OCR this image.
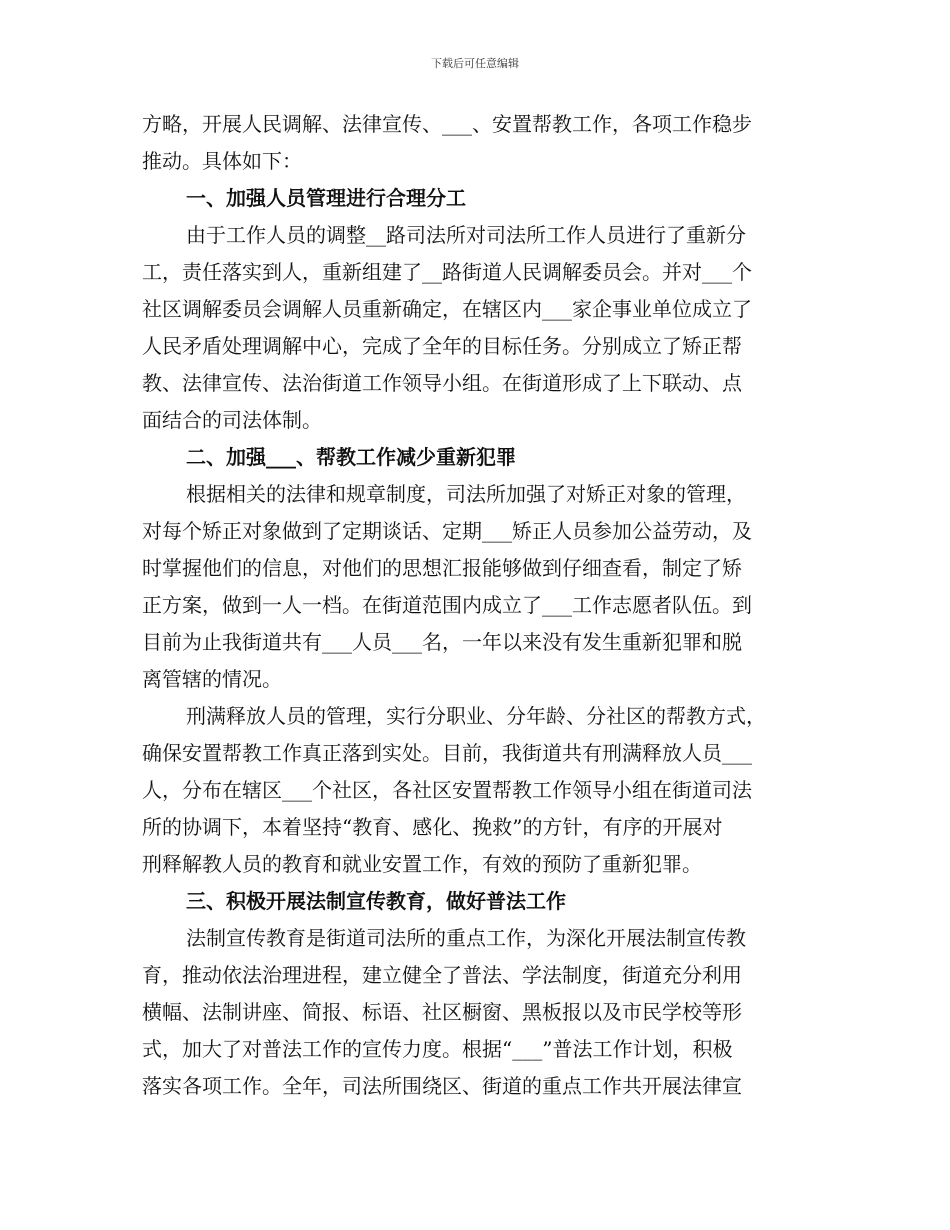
下载后可任意编辑
方略，开展人民调解、法律宣传、___、安置帮教工作，各项工作稳步
推动。具体如下：
一、加强人员管理进行合理分工
由于工作人员的调整__路司法所对司法所工作人员进行了重新分
工，责任落实到人，重新组建了__路街道人民调解委员会。并对___个
社区调解委员会调解人员重新确定，在辖区内___家企事业单位成立了
人民矛盾处理调解中心，完成了全年的目标任务。分别成立了矫正帮
教、法律宣传、法治街道工作领导小组。在街道形成了上下联动、点
面结合的司法体制。
二、加强___、帮教工作减少重新犯罪
根据相关的法律和规章制度，司法所加强了对矫正对象的管理，
对每个矫正对象做到了定期谈话、定期___矫正人员参加公益劳动，及
时掌握他们的信息，对他们的思想汇报能够做到仔细查看，制定了矫
正方案，做到一人一档。在街道范围内成立了___工作志愿者队伍。到
目前为止我街道共有___人员___名，一年以来没有发生重新犯罪和脱
离管辖的情况。
刑满释放人员的管理，实行分职业、分年龄、分社区的帮教方式，
确保安置帮教工作真正落到实处。目前，我街道共有刑满释放人员___
人，分布在辖区___个社区，各社区安置帮教工作领导小组在街道司法
所的协调下，本着坚持“教育、感化、挽救”的方针，有序的开展对
刑释解教人员的教育和就业安置工作，有效的预防了重新犯罪。
三、积极开展法制宣传教育，做好普法工作
法制宣传教育是街道司法所的重点工作，为深化开展法制宣传教
育，推动依法治理进程，建立健全了普法、学法制度，街道充分利用
横幅、法制讲座、简报、标语、社区橱窗、黑板报以及市民学校等形
式，加大了对普法工作的宣传力度。根据“___”普法工作计划，积极
落实各项工作。全年，司法所围绕区、街道的重点工作共开展法律宣
